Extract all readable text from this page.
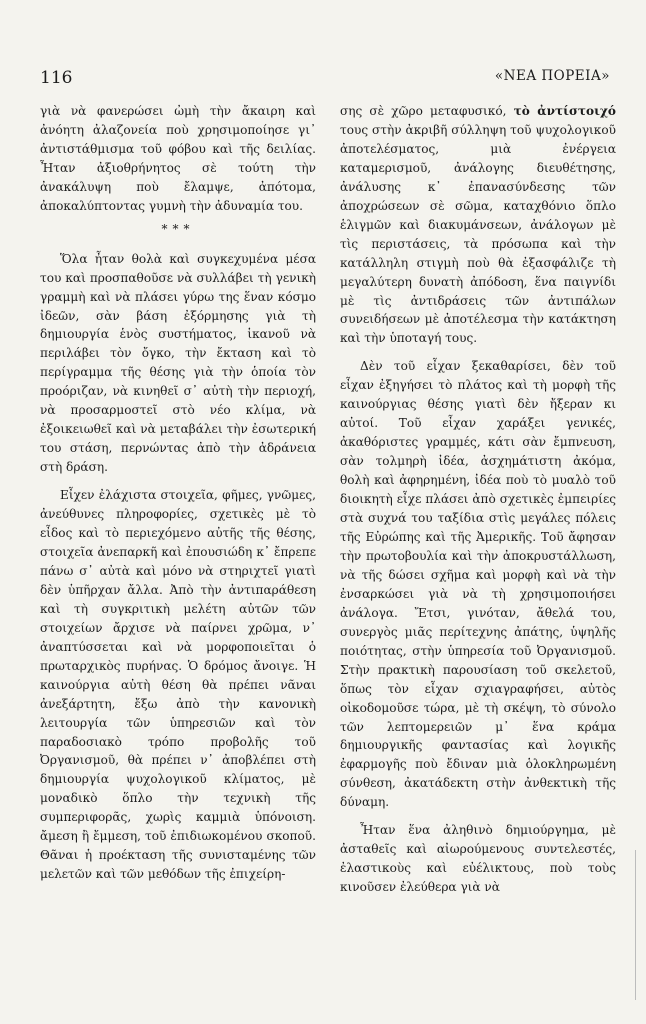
116	«ΝΕΑ ΠΟΡΕΙΑ»

γιὰ νὰ φανερώσει ὠμὴ τὴν ἄκαιρη καὶ ἀνόητη ἀλαζονεία ποὺ χρησιμοποίησε γι᾽ ἀντιστάθμισμα τοῦ φόβου καὶ τῆς δειλίας. Ἦταν ἀξιοθρήνητος σὲ τούτη τὴν ἀνακάλυψη ποὺ ἔλαμψε, ἀπότομα, ἀποκαλύπτοντας γυμνὴ τὴν ἀδυναμία του.

***

Ὅλα ἦταν θολὰ καὶ συγκεχυμένα μέσα του καὶ προσπαθοῦσε νὰ συλλάβει τὴ γενικὴ γραμμὴ καὶ νὰ πλάσει γύρω της ἕναν κόσμο ἰδεῶν, σὰν βάση ἐξόρμησης γιὰ τὴ δημιουργία ἑνὸς συστήματος, ἱκανοῦ νὰ περιλάβει τὸν ὄγκο, τὴν ἔκταση καὶ τὸ περίγραμμα τῆς θέσης γιὰ τὴν ὁποία τὸν προόριζαν, νὰ κινηθεῖ σ᾽ αὐτὴ τὴν περιοχή, νὰ προσαρμοστεῖ στὸ νέο κλίμα, νὰ ἐξοικειωθεῖ καὶ νὰ μεταβάλει τὴν ἐσωτερική του στάση, περνώντας ἀπὸ τὴν ἀδράνεια στὴ δράση.

Εἶχεν ἐλάχιστα στοιχεῖα, φῆμες, γνῶμες, ἀνεύθυνες πληροφορίες, σχετικὲς μὲ τὸ εἶδος καὶ τὸ περιεχόμενο αὐτῆς τῆς θέσης, στοιχεῖα ἀνεπαρκῆ καὶ ἐπουσιώδη κ᾽ ἔπρεπε πάνω σ᾽ αὐτὰ καὶ μόνο νὰ στηριχτεῖ γιατὶ δὲν ὑπῆρχαν ἄλλα. Ἀπὸ τὴν ἀντιπαράθεση καὶ τὴ συγκριτικὴ μελέτη αὐτῶν τῶν στοιχείων ἄρχισε νὰ παίρνει χρῶμα, ν᾽ ἀναπτύσσεται καὶ νὰ μορφοποιεῖται ὁ πρωταρχικὸς πυρήνας. Ὁ δρόμος ἄνοιγε. Ἡ καινούργια αὐτὴ θέση θὰ πρέπει νᾶναι ἀνεξάρτητη, ἔξω ἀπὸ τὴν κανονικὴ λειτουργία τῶν ὑπηρεσιῶν καὶ τὸν παραδοσιακὸ τρόπο προβολῆς τοῦ Ὀργανισμοῦ, θὰ πρέπει ν᾽ ἀποβλέπει στὴ δημιουργία ψυχολογικοῦ κλίματος, μὲ μοναδικὸ ὅπλο τὴν τεχνικὴ τῆς συμπεριφορᾶς, χωρὶς καμμιὰ ὑπόνοιση. ἄμεση ἢ ἔμμεση, τοῦ ἐπιδιωκομένου σκοποῦ. Θᾶναι ἡ προέκταση τῆς συνισταμένης τῶν μελετῶν καὶ τῶν μεθόδων τῆς ἐπιχείρη-

σης σὲ χῶρο μεταφυσικό, τὸ ἀντίστοιχό τους στὴν ἀκριβῆ σύλληψη τοῦ ψυχολογικοῦ ἀποτελέσματος, μιὰ ἐνέργεια καταμερισμοῦ, ἀνάλογης διευθέτησης, ἀνάλυσης κ᾽ ἐπανασύνδεσης τῶν ἀποχρώσεων σὲ σῶμα, καταχθόνιο ὅπλο ἑλιγμῶν καὶ διακυμάνσεων, ἀνάλογων μὲ τὶς περιστάσεις, τὰ πρόσωπα καὶ τὴν κατάλληλη στιγμὴ ποὺ θὰ ἐξασφάλιζε τὴ μεγαλύτερη δυνατὴ ἀπόδοση, ἕνα παιγνίδι μὲ τὶς ἀντιδράσεις τῶν ἀντιπάλων συνειδήσεων μὲ ἀποτέλεσμα τὴν κατάκτηση καὶ τὴν ὑποταγή τους.

Δὲν τοῦ εἶχαν ξεκαθαρίσει, δὲν τοῦ εἶχαν ἐξηγήσει τὸ πλάτος καὶ τὴ μορφὴ τῆς καινούργιας θέσης γιατὶ δὲν ἤξεραν κι αὐτοί. Τοῦ εἶχαν χαράξει γενικές, ἀκαθόριστες γραμμές, κάτι σὰν ἔμπνευση, σὰν τολμηρὴ ἰδέα, ἀσχημάτιστη ἀκόμα, θολὴ καὶ ἀφηρημένη, ἰδέα ποὺ τὸ μυαλὸ τοῦ διοικητὴ εἶχε πλάσει ἀπὸ σχετικὲς ἐμπειρίες στὰ συχνά του ταξίδια στὶς μεγάλες πόλεις τῆς Εὐρώπης καὶ τῆς Ἀμερικῆς. Τοῦ ἄφησαν τὴν πρωτοβουλία καὶ τὴν ἀποκρυστάλλωση, νὰ τῆς δώσει σχῆμα καὶ μορφὴ καὶ νὰ τὴν ἐνσαρκώσει γιὰ νὰ τὴ χρησιμοποιήσει ἀνάλογα. Ἔτσι, γινόταν, ἄθελά του, συνεργὸς μιᾶς περίτεχνης ἀπάτης, ὑψηλῆς ποιότητας, στὴν ὑπηρεσία τοῦ Ὀργανισμοῦ. Στὴν πρακτικὴ παρουσίαση τοῦ σκελετοῦ, ὅπως τὸν εἶχαν σχιαγραφήσει, αὐτὸς οἰκοδομοῦσε τώρα, μὲ τὴ σκέψη, τὸ σύνολο τῶν λεπτομερειῶν μ᾽ ἕνα κράμα δημιουργικῆς φαντασίας καὶ λογικῆς ἐφαρμογῆς ποὺ ἔδιναν μιὰ ὁλοκληρωμένη σύνθεση, ἀκατάδεκτη στὴν ἀνθεκτικὴ τῆς δύναμη.

Ἦταν ἕνα ἀληθινὸ δημιούργημα, μὲ ἀσταθεῖς καὶ αἰωρούμενους συντελεστές, ἐλαστικοὺς καὶ εὐέλικτους, ποὺ τοὺς κινοῦσεν ἐλεύθερα γιὰ νὰ
